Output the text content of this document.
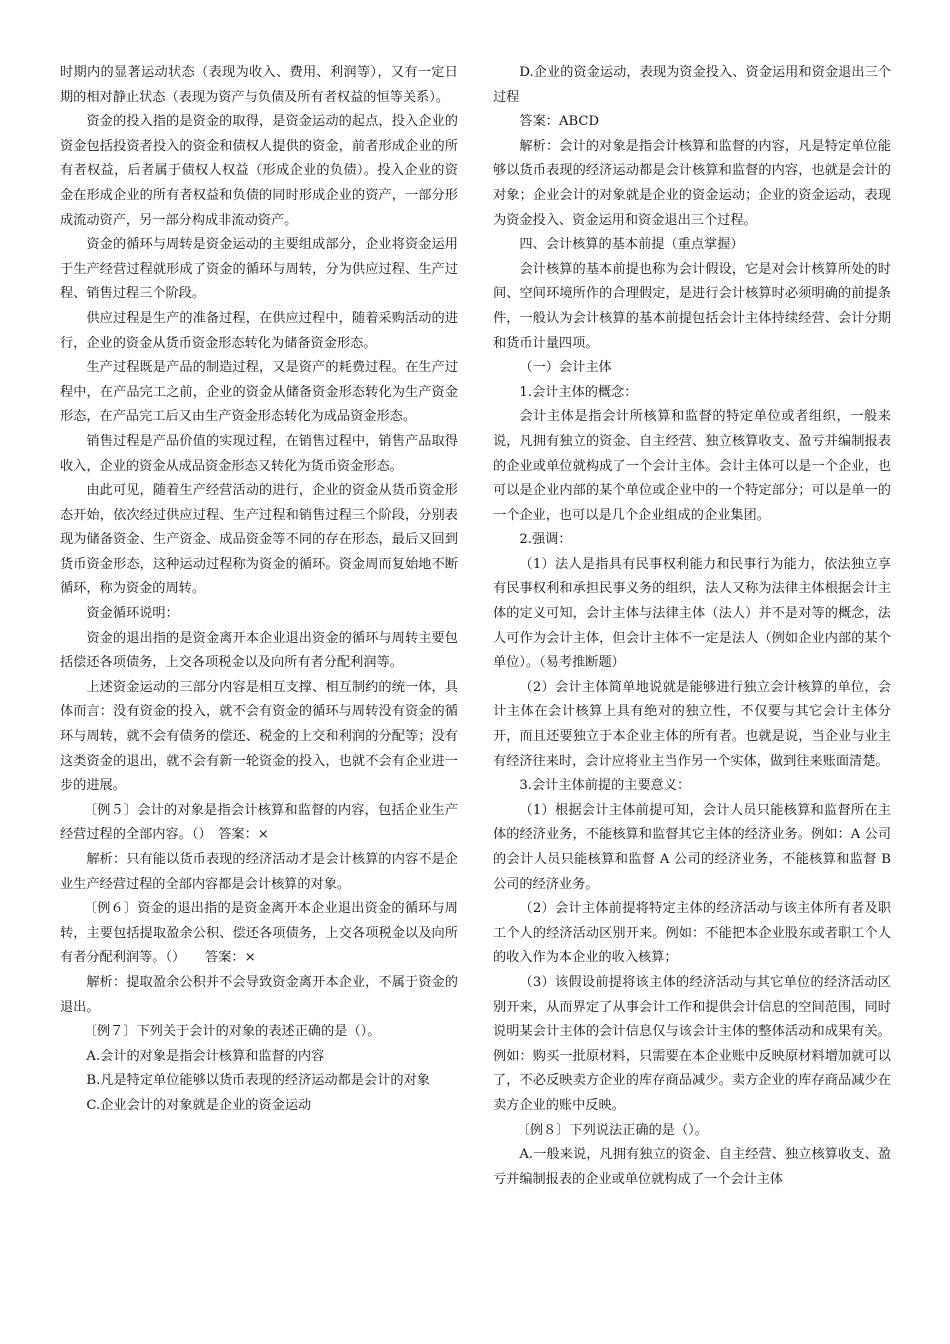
时期内的显著运动状态（表现为收入、费用、利润等），又有一定日期的相对静止状态（表现为资产与负债及所有者权益的恒等关系）。

资金的投入指的是资金的取得，是资金运动的起点，投入企业的资金包括投资者投入的资金和债权人提供的资金，前者形成企业的所有者权益，后者属于债权人权益（形成企业的负债）。投入企业的资金在形成企业的所有者权益和负债的同时形成企业的资产，一部分形成流动资产，另一部分构成非流动资产。

资金的循环与周转是资金运动的主要组成部分，企业将资金运用于生产经营过程就形成了资金的循环与周转，分为供应过程、生产过程、销售过程三个阶段。

供应过程是生产的准备过程，在供应过程中，随着采购活动的进行，企业的资金从货币资金形态转化为储备资金形态。

生产过程既是产品的制造过程，又是资产的耗费过程。在生产过程中，在产品完工之前，企业的资金从储备资金形态转化为生产资金形态，在产品完工后又由生产资金形态转化为成品资金形态。

销售过程是产品价值的实现过程，在销售过程中，销售产品取得收入，企业的资金从成品资金形态又转化为货币资金形态。

由此可见，随着生产经营活动的进行，企业的资金从货币资金形态开始，依次经过供应过程、生产过程和销售过程三个阶段，分别表现为储备资金、生产资金、成品资金等不同的存在形态，最后又回到货币资金形态，这种运动过程称为资金的循环。资金周而复始地不断循环，称为资金的周转。

资金循环说明：

资金的退出指的是资金离开本企业退出资金的循环与周转主要包括偿还各项债务，上交各项税金以及向所有者分配利润等。

上述资金运动的三部分内容是相互支撑、相互制约的统一体，具体而言：没有资金的投入，就不会有资金的循环与周转没有资金的循环与周转，就不会有债务的偿还、税金的上交和利润的分配等；没有这类资金的退出，就不会有新一轮资金的投入，也就不会有企业进一步的进展。

〔例５〕会计的对象是指会计核算和监督的内容，包括企业生产经营过程的全部内容。（）　答案：×

解析：只有能以货币表现的经济活动才是会计核算的内容不是企业生产经营过程的全部内容都是会计核算的对象。

〔例６〕资金的退出指的是资金离开本企业退出资金的循环与周转，主要包括提取盈余公积、偿还各项债务，上交各项税金以及向所有者分配利润等。（）　　答案：×

解析：提取盈余公积并不会导致资金离开本企业，不属于资金的退出。

〔例７〕下列关于会计的对象的表述正确的是（）。

A.会计的对象是指会计核算和监督的内容

B.凡是特定单位能够以货币表现的经济运动都是会计的对象

C.企业会计的对象就是企业的资金运动

D.企业的资金运动，表现为资金投入、资金运用和资金退出三个过程

答案：ABCD

解析：会计的对象是指会计核算和监督的内容，凡是特定单位能够以货币表现的经济运动都是会计核算和监督的内容，也就是会计的对象；企业会计的对象就是企业的资金运动；企业的资金运动，表现为资金投入、资金运用和资金退出三个过程。

四、会计核算的基本前提（重点掌握）

会计核算的基本前提也称为会计假设，它是对会计核算所处的时间、空间环境所作的合理假定，是进行会计核算时必须明确的前提条件，一般认为会计核算的基本前提包括会计主体持续经营、会计分期和货币计量四项。

（一）会计主体

1.会计主体的概念：

会计主体是指会计所核算和监督的特定单位或者组织，一般来说，凡拥有独立的资金、自主经营、独立核算收支、盈亏并编制报表的企业或单位就构成了一个会计主体。会计主体可以是一个企业，也可以是企业内部的某个单位或企业中的一个特定部分；可以是单一的一个企业，也可以是几个企业组成的企业集团。

2.强调：

（1）法人是指具有民事权利能力和民事行为能力，依法独立享有民事权利和承担民事义务的组织，法人又称为法律主体根据会计主体的定义可知，会计主体与法律主体（法人）并不是对等的概念，法人可作为会计主体，但会计主体不一定是法人（例如企业内部的某个单位）。（易考推断题）

（2）会计主体简单地说就是能够进行独立会计核算的单位，会计主体在会计核算上具有绝对的独立性，不仅要与其它会计主体分开，而且还要独立于本企业主体的所有者。也就是说，当企业与业主有经济往来时，会计应将业主当作另一个实体，做到往来账面清楚。

3.会计主体前提的主要意义：

（1）根据会计主体前提可知，会计人员只能核算和监督所在主体的经济业务，不能核算和监督其它主体的经济业务。例如：A 公司的会计人员只能核算和监督 A 公司的经济业务，不能核算和监督 B 公司的经济业务。

（2）会计主体前提将特定主体的经济活动与该主体所有者及职工个人的经济活动区别开来。例如：不能把本企业股东或者职工个人的收入作为本企业的收入核算；

（3）该假设前提将该主体的经济活动与其它单位的经济活动区别开来，从而界定了从事会计工作和提供会计信息的空间范围，同时说明某会计主体的会计信息仅与该会计主体的整体活动和成果有关。例如：购买一批原材料，只需要在本企业账中反映原材料增加就可以了，不必反映卖方企业的库存商品减少。卖方企业的库存商品减少在卖方企业的账中反映。

〔例８〕下列说法正确的是（）。

A.一般来说，凡拥有独立的资金、自主经营、独立核算收支、盈亏并编制报表的企业或单位就构成了一个会计主体
